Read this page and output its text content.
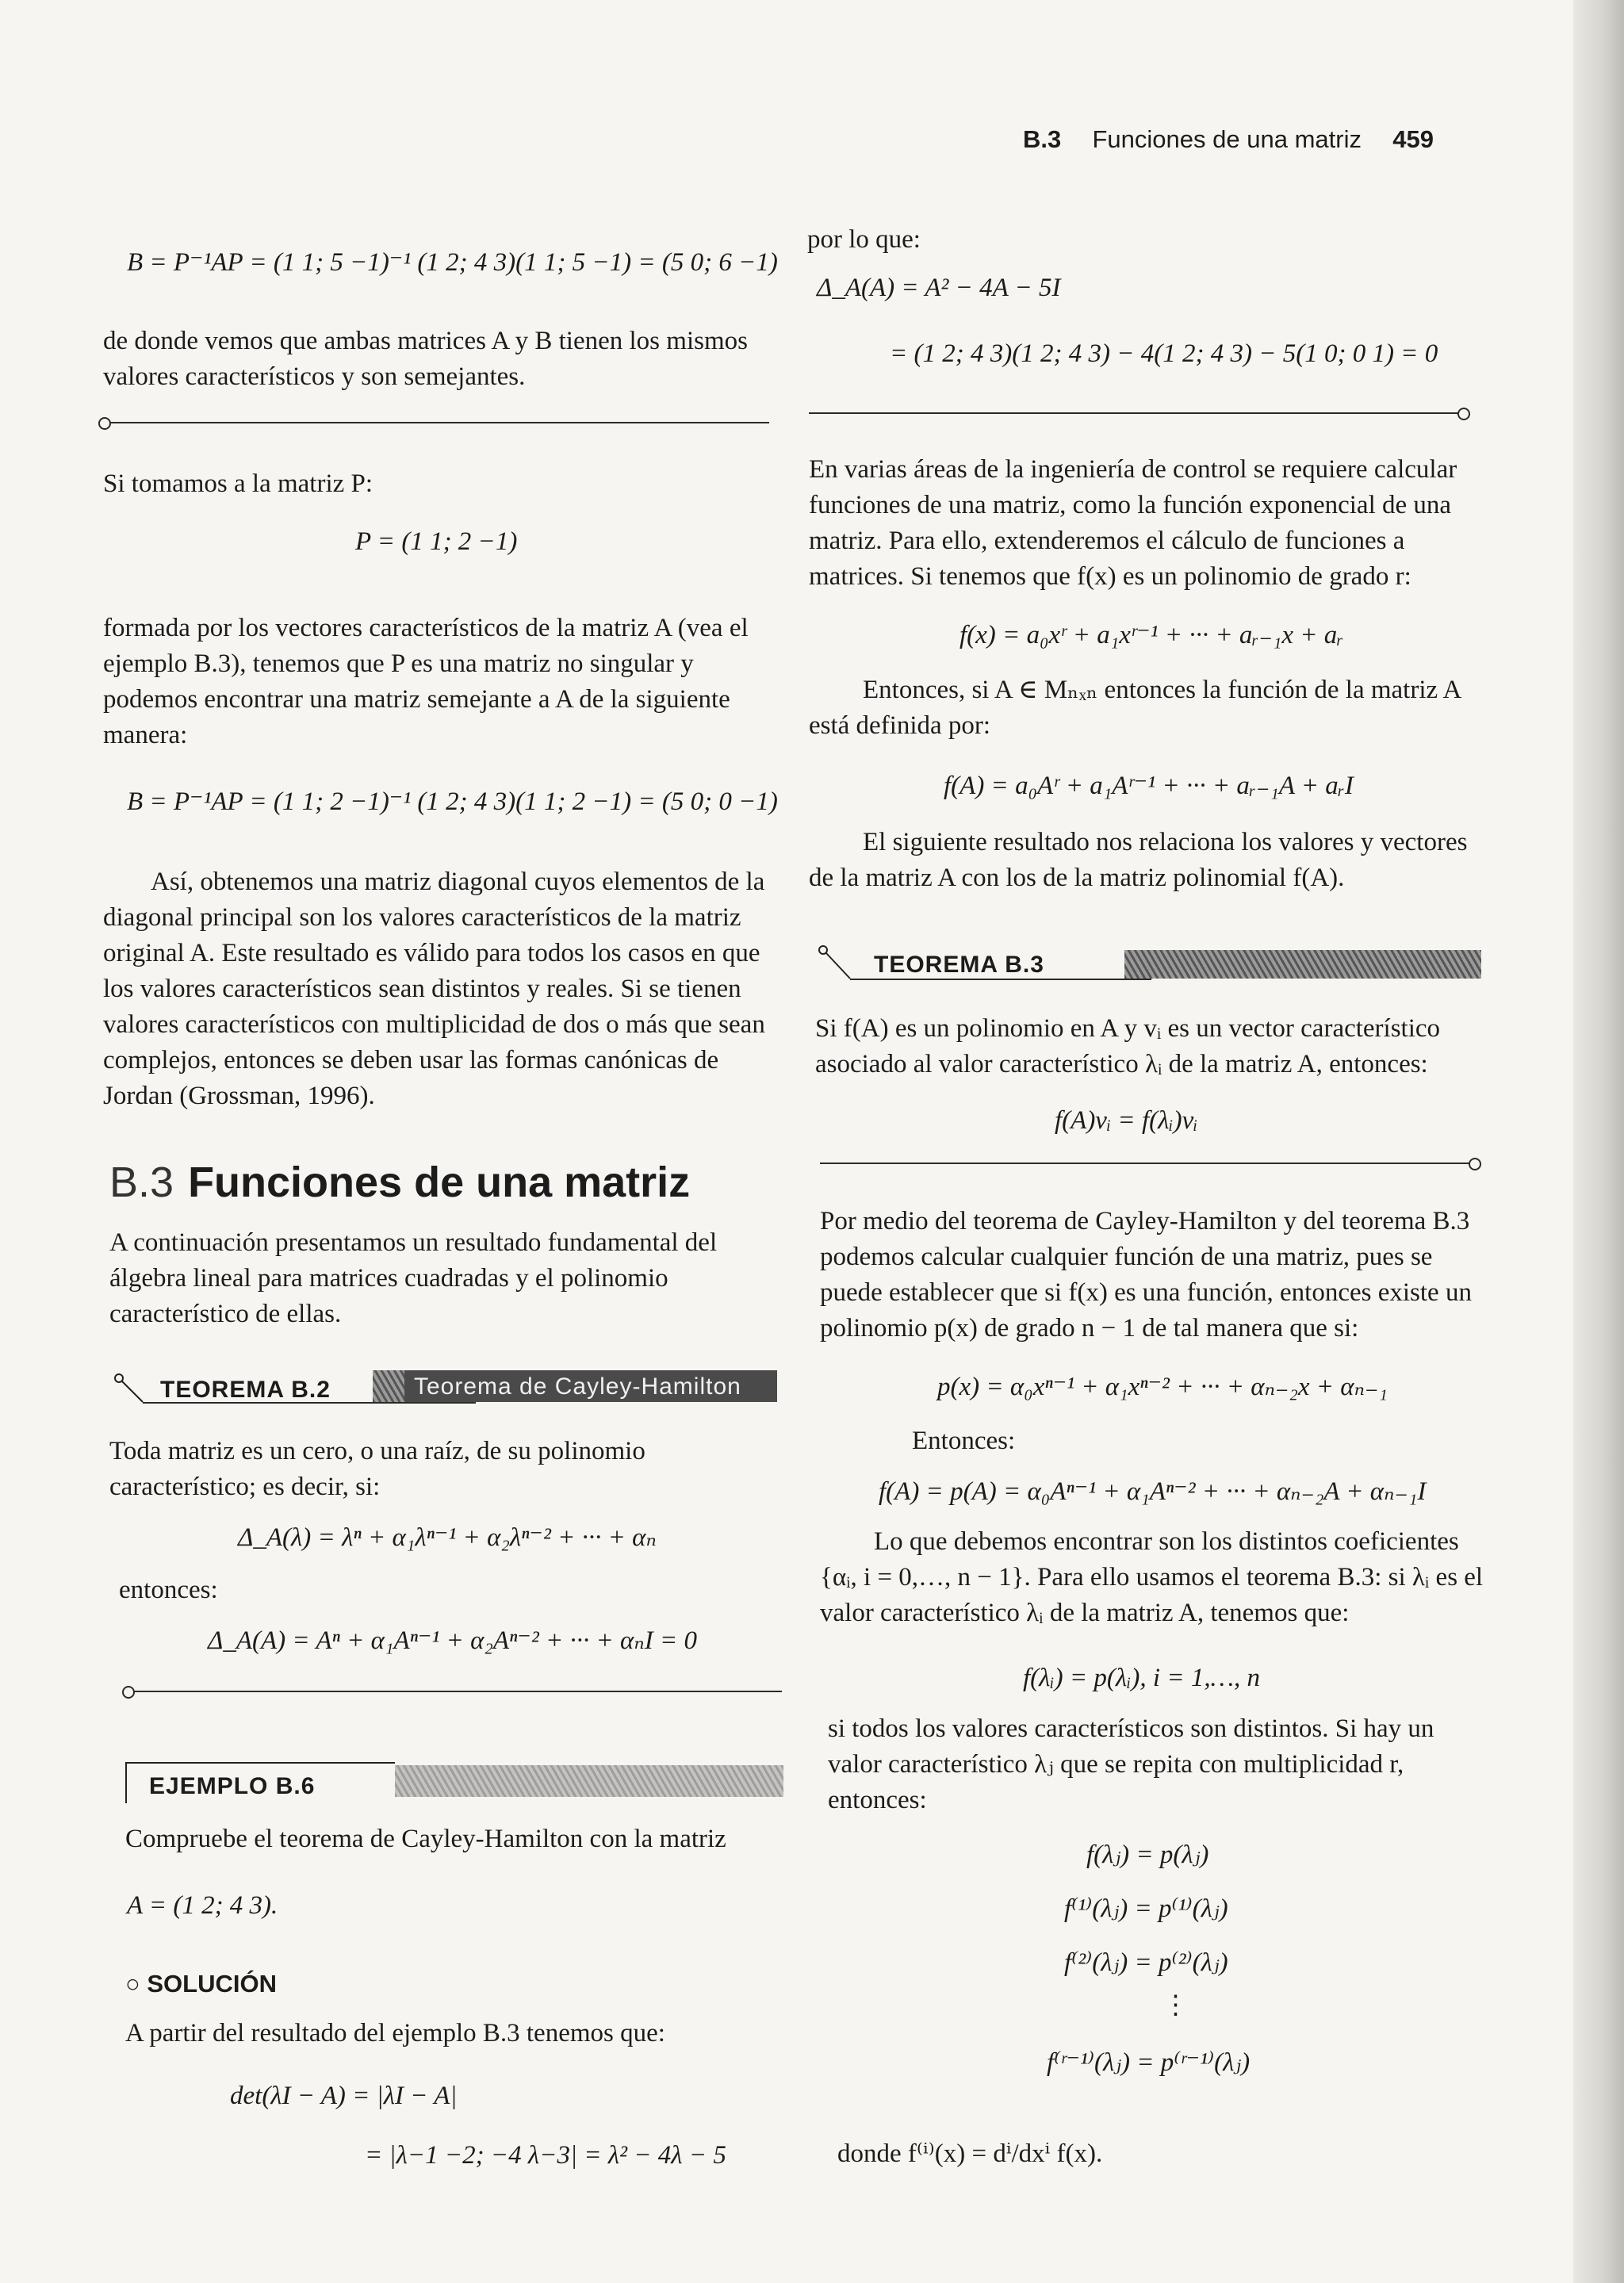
B.3 Funciones de una matriz 459
B = P⁻¹AP = (1 1; 5 −1)⁻¹ (1 2; 4 3)(1 1; 5 −1) = (5 0; 6 −1)
de donde vemos que ambas matrices A y B tienen los mismos valores característicos y son semejantes.
Si tomamos a la matriz P:
P = (1 1; 2 −1)
formada por los vectores característicos de la matriz A (vea el ejemplo B.3), tenemos que P es una matriz no singular y podemos encontrar una matriz semejante a A de la siguiente manera:
B = P⁻¹AP = (1 1; 2 −1)⁻¹ (1 2; 4 3)(1 1; 2 −1) = (5 0; 0 −1)
Así, obtenemos una matriz diagonal cuyos elementos de la diagonal principal son los valores característicos de la matriz original A. Este resultado es válido para todos los casos en que los valores característicos sean distintos y reales. Si se tienen valores característicos con multiplicidad de dos o más que sean complejos, entonces se deben usar las formas canónicas de Jordan (Grossman, 1996).
B.3 Funciones de una matriz
A continuación presentamos un resultado fundamental del álgebra lineal para matrices cuadradas y el polinomio característico de ellas.
TEOREMA B.2	Teorema de Cayley-Hamilton
Toda matriz es un cero, o una raíz, de su polinomio característico; es decir, si:
Δ_A(λ) = λⁿ + α₁λⁿ⁻¹ + α₂λⁿ⁻² + ··· + αₙ
entonces:
Δ_A(A) = Aⁿ + α₁Aⁿ⁻¹ + α₂Aⁿ⁻² + ··· + αₙI = 0
EJEMPLO B.6
Compruebe el teorema de Cayley-Hamilton con la matriz
A = (1 2; 4 3).
○ SOLUCIÓN
A partir del resultado del ejemplo B.3 tenemos que:
det(λI − A) = |λI − A|
= |λ−1 −2; −4 λ−3| = λ² − 4λ − 5
por lo que:
Δ_A(A) = A² − 4A − 5I
= (1 2; 4 3)(1 2; 4 3) − 4(1 2; 4 3) − 5(1 0; 0 1) = 0
En varias áreas de la ingeniería de control se requiere calcular funciones de una matriz, como la función exponencial de una matriz. Para ello, extenderemos el cálculo de funciones a matrices. Si tenemos que f(x) es un polinomio de grado r:
f(x) = a₀xʳ + a₁xʳ⁻¹ + ··· + aᵣ₋₁x + aᵣ
Entonces, si A ∈ Mₙₓₙ entonces la función de la matriz A está definida por:
f(A) = a₀Aʳ + a₁Aʳ⁻¹ + ··· + aᵣ₋₁A + aᵣI
El siguiente resultado nos relaciona los valores y vectores de la matriz A con los de la matriz polinomial f(A).
TEOREMA B.3
Si f(A) es un polinomio en A y vᵢ es un vector característico asociado al valor característico λᵢ de la matriz A, entonces:
f(A)vᵢ = f(λᵢ)vᵢ
Por medio del teorema de Cayley-Hamilton y del teorema B.3 podemos calcular cualquier función de una matriz, pues se puede establecer que si f(x) es una función, entonces existe un polinomio p(x) de grado n − 1 de tal manera que si:
p(x) = α₀xⁿ⁻¹ + α₁xⁿ⁻² + ··· + αₙ₋₂x + αₙ₋₁
Entonces:
f(A) = p(A) = α₀Aⁿ⁻¹ + α₁Aⁿ⁻² + ··· + αₙ₋₂A + αₙ₋₁I
Lo que debemos encontrar son los distintos coeficientes {αᵢ, i = 0,…, n − 1}. Para ello usamos el teorema B.3: si λᵢ es el valor característico λᵢ de la matriz A, tenemos que:
f(λᵢ) = p(λᵢ), i = 1,…, n
si todos los valores característicos son distintos. Si hay un valor característico λⱼ que se repita con multiplicidad r, entonces:
f(λⱼ) = p(λⱼ)
f⁽¹⁾(λⱼ) = p⁽¹⁾(λⱼ)
f⁽²⁾(λⱼ) = p⁽²⁾(λⱼ)
⋮
f⁽ʳ⁻¹⁾(λⱼ) = p⁽ʳ⁻¹⁾(λⱼ)
donde f⁽ⁱ⁾(x) = dⁱ/dxⁱ f(x).
